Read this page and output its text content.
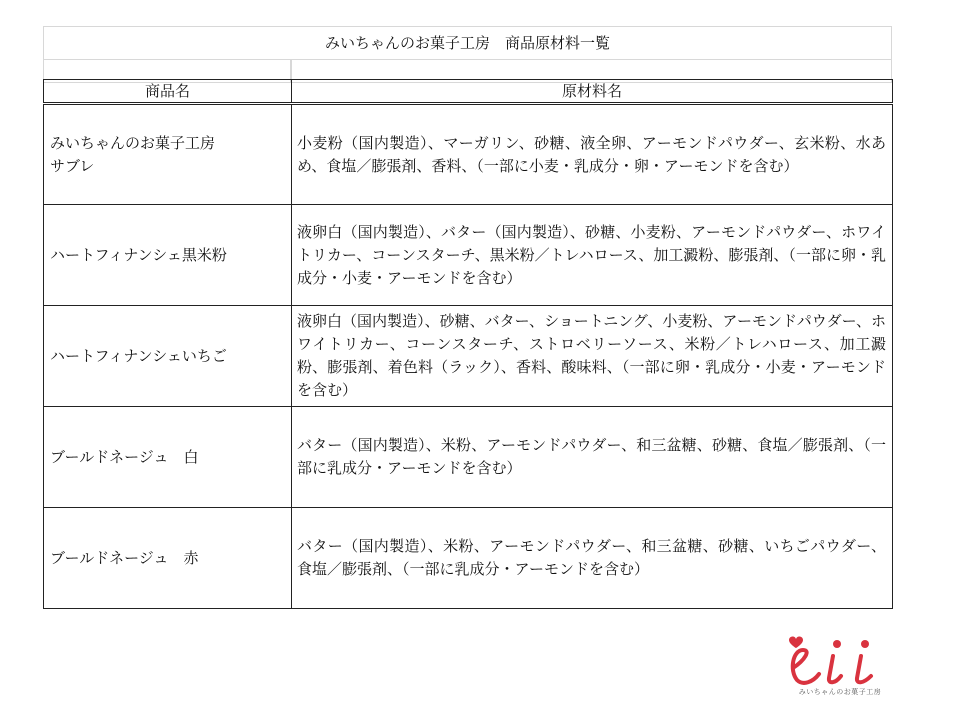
みいちゃんのお菓子工房　商品原材料一覧
商品名	原材料名

みいちゃんのお菓子工房
サブレ	小麦粉（国内製造）、マーガリン、砂糖、液全卵、アーモンドパウダー、玄米粉、水あめ、食塩／膨張剤、香料、（一部に小麦・乳成分・卵・アーモンドを含む）

ハートフィナンシェ黒米粉	液卵白（国内製造）、バター（国内製造）、砂糖、小麦粉、アーモンドパウダー、ホワイトリカー、コーンスターチ、黒米粉／トレハロース、加工澱粉、膨張剤、（一部に卵・乳成分・小麦・アーモンドを含む）

ハートフィナンシェいちご	液卵白（国内製造）、砂糖、バター、ショートニング、小麦粉、アーモンドパウダー、ホワイトリカー、コーンスターチ、ストロベリーソース、米粉／トレハロース、加工澱粉、膨張剤、着色料（ラック）、香料、酸味料、（一部に卵・乳成分・小麦・アーモンドを含む）

ブールドネージュ　白	バター（国内製造）、米粉、アーモンドパウダー、和三盆糖、砂糖、食塩／膨張剤、（一部に乳成分・アーモンドを含む）

ブールドネージュ　赤	バター（国内製造）、米粉、アーモンドパウダー、和三盆糖、砂糖、いちごパウダー、食塩／膨張剤、（一部に乳成分・アーモンドを含む）
みいちゃんのお菓子工房
